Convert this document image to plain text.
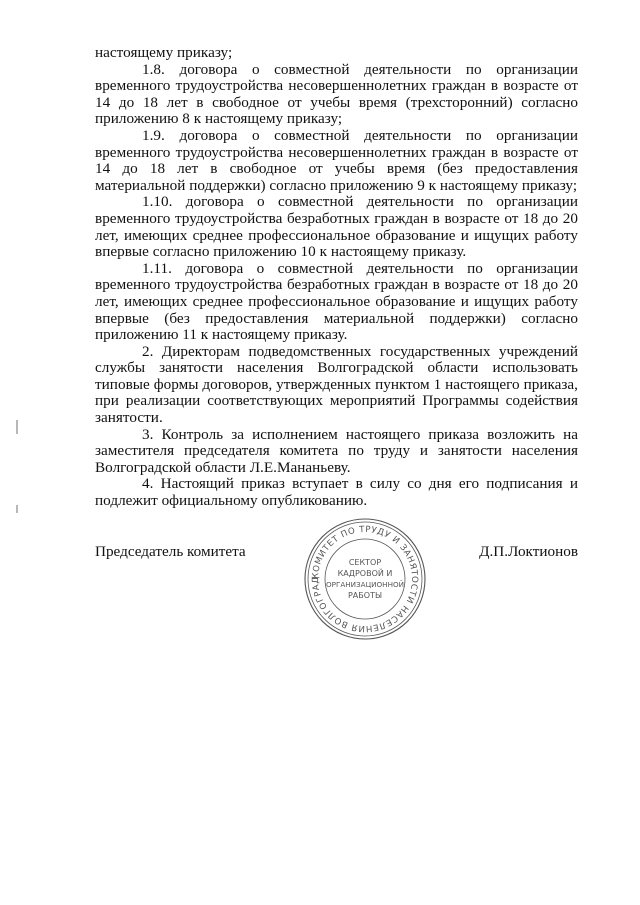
настоящему приказу;

1.8. договора о совместной деятельности по организации временного трудоустройства несовершеннолетних граждан в возрасте от 14 до 18 лет в свободное от учебы время (трехсторонний) согласно приложению 8 к настоящему приказу;

1.9. договора о совместной деятельности по организации временного трудоустройства несовершеннолетних граждан в возрасте от 14 до 18 лет в свободное от учебы время (без предоставления материальной поддержки) согласно приложению 9 к настоящему приказу;

1.10. договора о совместной деятельности по организации временного трудоустройства безработных граждан в возрасте от 18 до 20 лет, имеющих среднее профессиональное образование и ищущих работу впервые согласно приложению 10 к настоящему приказу.

1.11. договора о совместной деятельности по организации временного трудоустройства безработных граждан в возрасте от 18 до 20 лет, имеющих среднее профессиональное образование и ищущих работу впервые (без предоставления материальной поддержки) согласно приложению 11 к настоящему приказу.

2. Директорам подведомственных государственных учреждений службы занятости населения Волгоградской области использовать типовые формы договоров, утвержденных пунктом 1 настоящего приказа, при реализации соответствующих мероприятий Программы содействия занятости.

3. Контроль за исполнением настоящего приказа возложить на заместителя председателя комитета по труду и занятости населения Волгоградской области Л.Е.Мананьеву.

4. Настоящий приказ вступает в силу со дня его подписания и подлежит официальному опубликованию.

Председатель комитета	Д.П.Локтионов
КОМИТЕТ ПО ТРУДУ И ЗАНЯТОСТИ НАСЕЛЕНИЯ ВОЛГОГРАД
СЕКТОР
КАДРОВОЙ И
ОРГАНИЗАЦИОННОЙ
РАБОТЫ
